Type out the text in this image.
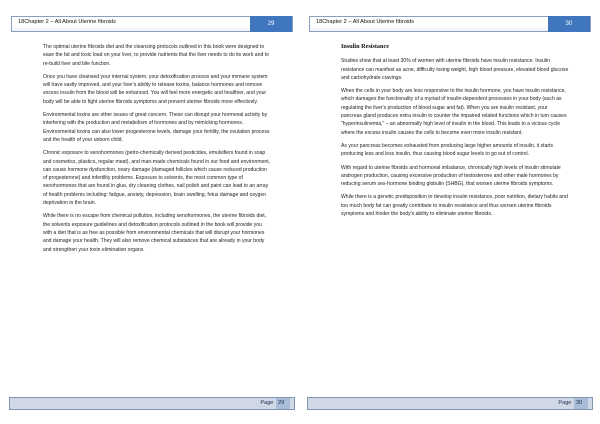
18Chapter 2 – All About Uterine fibroids	29

The optimal uterine fibroids diet and the cleansing protocols outlined in this book were designed to ease the fat and toxic load on your liver, to provide nutrients that the liver needs to do its work and to re-build liver and bile function.

Once you have cleansed your internal system, your detoxification process and your immune system will have vastly improved, and your liver's ability to release toxins, balance hormones and remove excess insulin from the blood will be enhanced. You will feel more energetic and healthier, and your body will be able to fight uterine fibroids symptoms and prevent uterine fibroids more effectively.

Environmental toxins are other issues of great concern. These can disrupt your hormonal activity by interfering with the production and metabolism of hormones and by mimicking hormones. Environmental toxins can also lower progesterone levels, damage your fertility, the ovulation process and the health of your unborn child.

Chronic exposure to xenohormones (petro-chemically derived pesticides, emulsifiers found in soap and cosmetics, plastics, regular meat), and man-made chemicals found in our food and environment, can cause hormone dysfunction, ovary damage (damaged follicles which cause reduced production of progesterone) and infertility problems. Exposure to solvents, the most common type of xenohormones that are found in glue, dry cleaning clothes, nail polish and paint can lead to an array of health problems including: fatigue, anxiety, depression, brain swelling, fetus damage and oxygen deprivation in the brain.

While there is no escape from chemical pollution, including xenohormones, the uterine fibroids diet, the solvents exposure guidelines and detoxification protocols outlined in the book will provide you with a diet that is as free as possible from environmental chemicals that will disrupt your hormones and damage your health. They will also remove chemical substances that are already in your body and strengthen your toxin elimination organs.

Page 29
18Chapter 2 – All About Uterine fibroids	30
Insulin Resistance

Studies show that at least 30% of women with uterine fibroids have insulin resistance. Insulin resistance can manifest as acne, difficulty losing weight, high blood pressure, elevated blood glucose and carbohydrate cravings.

When the cells in your body are less responsive to the insulin hormone, you have insulin resistance, which damages the functionality of a myriad of insulin-dependent processes in your body (such as regulating the liver's production of blood sugar and fat). When you are insulin resistant, your pancreas gland produces extra insulin to counter the impaired related functions which in turn causes "hyperinsulinemia," – an abnormally high level of insulin in the blood. This leads to a vicious cycle where the excess insulin causes the cells to become even more insulin resistant.

As your pancreas becomes exhausted from producing large higher amounts of insulin, it starts producing less and less insulin, thus causing blood sugar levels to go out of control.

With regard to uterine fibroids and hormonal imbalance, chronically high levels of insulin stimulate androgen production, causing excessive production of testosterone and other male hormones by reducing serum sex-hormone binding globulin (SHBG), that worsen uterine fibroids symptoms.

While there is a genetic predisposition to develop insulin resistance, poor nutrition, dietary habits and too much body fat can greatly contribute to insulin resistance and thus worsen uterine fibroids symptoms and hinder the body's ability to eliminate uterine fibroids.

Page 30
